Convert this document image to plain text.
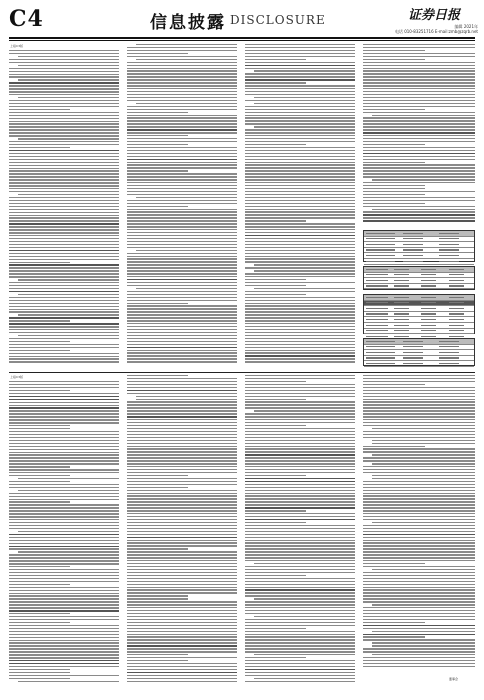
C4	信息披露 DISCLOSURE	证券日报
编辑 2021年
电话 010-83251716 E-mail:zmb@zqrb.net
上接C3版
上接C3版
董事会
